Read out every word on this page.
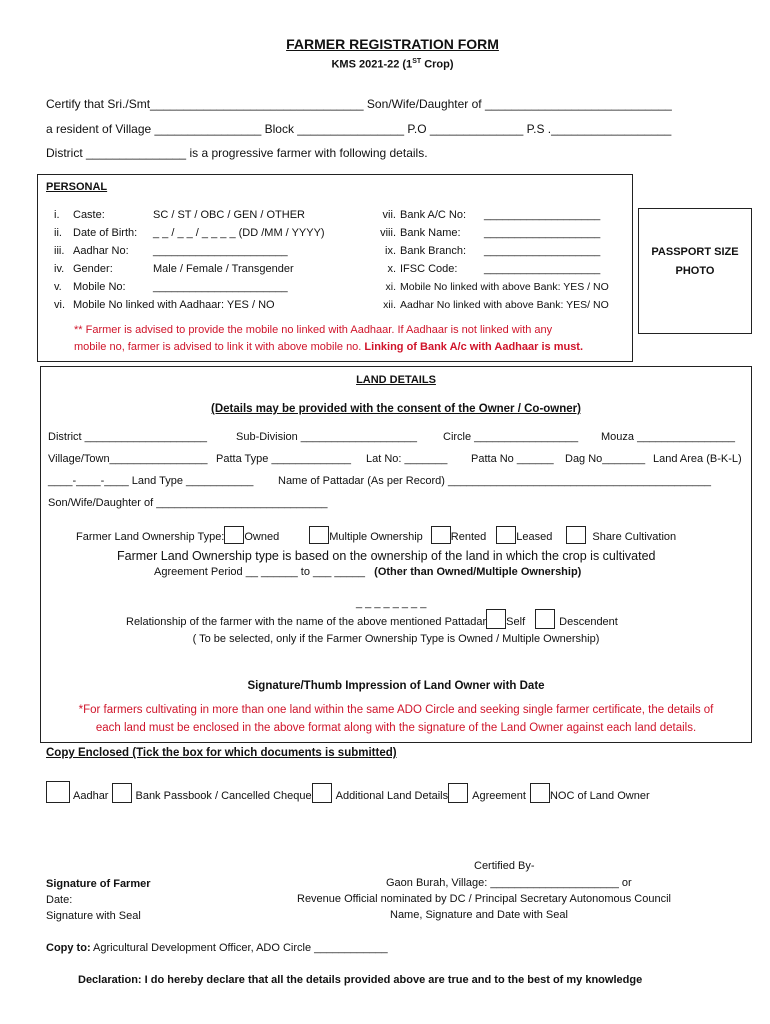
FARMER REGISTRATION FORM
KMS 2021-22 (1ST Crop)
Certify that Sri./Smt________________________________ Son/Wife/Daughter of ____________________________
a resident of Village ________________ Block ________________ P.O ______________ P.S .__________________
District _______________ is a progressive farmer with following details.
PERSONAL
i. Caste:	SC / ST / OBC / GEN / OTHER
ii. Date of Birth: _ _ / _ _ / _ _ _ _ (DD /MM / YYYY)
iii. Aadhar No: ______________________
iv. Gender:	Male / Female / Transgender
v. Mobile No: ______________________
vi. Mobile No linked with Aadhaar: YES / NO
vii. Bank A/C No: ___________________
viii. Bank Name: ___________________
ix. Bank Branch: ___________________
x. IFSC Code: ___________________
xi. Mobile No linked with above Bank: YES / NO
xii. Aadhar No linked with above Bank: YES/ NO
** Farmer is advised to provide the mobile no linked with Aadhaar. If Aadhaar is not linked with any
mobile no, farmer is advised to link it with above mobile no. Linking of Bank A/c with Aadhaar is must.
PASSPORT SIZE
PHOTO
LAND DETAILS
(Details may be provided with the consent of the Owner / Co-owner)
District ____________________	Sub-Division ___________________ Circle _________________ Mouza ________________
Village/Town________________ Patta Type _____________ Lat No: _______ Patta No ______ Dag No_______ Land Area (B-K-L)
____-____-____ Land Type ___________ Name of Pattadar (As per Record) ___________________________________________
Son/Wife/Daughter of ____________________________
Farmer Land Ownership Type: Owned	Multiple Ownership	Rented	Leased	Share Cultivation
Farmer Land Ownership type is based on the ownership of the land in which the crop is cultivated
Agreement Period __ ______ to ___ _____ (Other than Owned/Multiple Ownership)
_ _ _ _ _ _ _ _
Relationship of the farmer with the name of the above mentioned Pattadar Self	Descendent
( To be selected, only if the Farmer Ownership Type is Owned / Multiple Ownership)
Signature/Thumb Impression of Land Owner with Date
*For farmers cultivating in more than one land within the same ADO Circle and seeking single farmer certificate, the details of
each land must be enclosed in the above format along with the signature of the Land Owner against each land details.
Copy Enclosed (Tick the box for which documents is submitted)
Aadhar Bank Passbook / Cancelled Cheque Additional Land Details Agreement NOC of Land Owner
Certified By-
Signature of Farmer
Date:
Signature with Seal
Gaon Burah, Village: _____________________ or
Revenue Official nominated by DC / Principal Secretary Autonomous Council
Name, Signature and Date with Seal
Copy to: Agricultural Development Officer, ADO Circle ____________
Declaration: I do hereby declare that all the details provided above are true and to the best of my knowledge
